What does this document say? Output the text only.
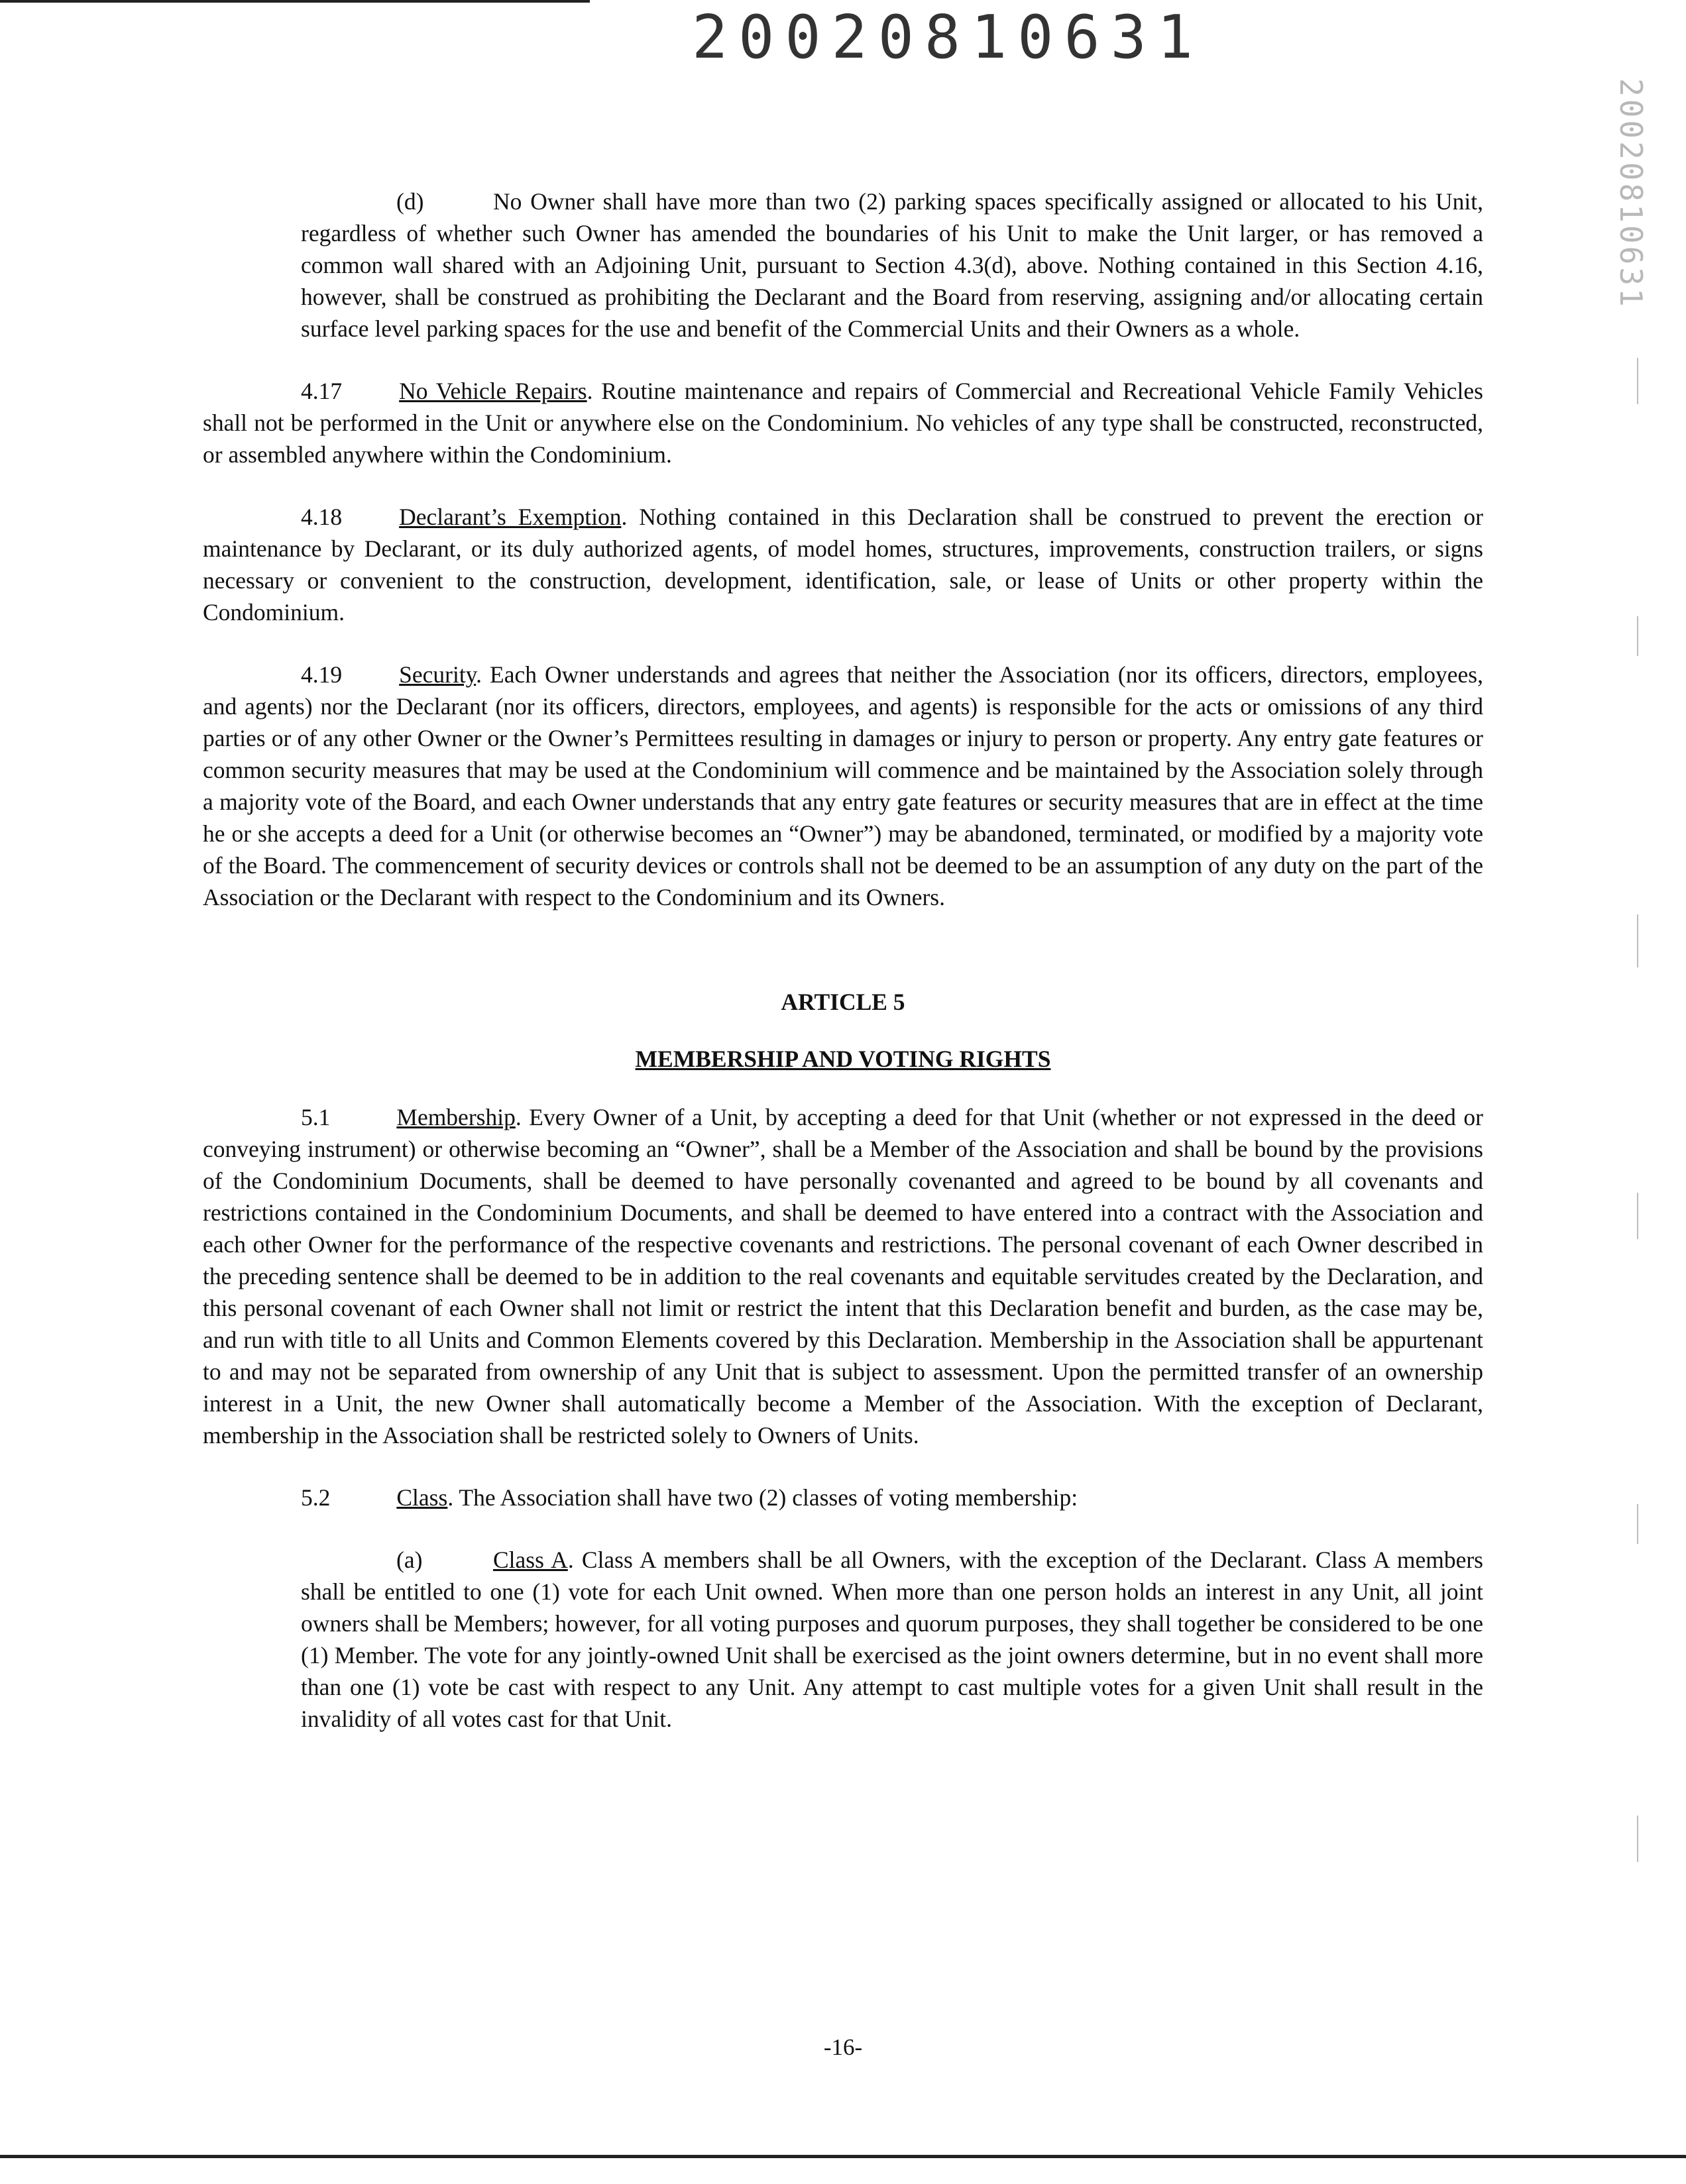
20020810631
20020810631

(d)	No Owner shall have more than two (2) parking spaces specifically assigned or allocated to his Unit, regardless of whether such Owner has amended the boundaries of his Unit to make the Unit larger, or has removed a common wall shared with an Adjoining Unit, pursuant to Section 4.3(d), above. Nothing contained in this Section 4.16, however, shall be construed as prohibiting the Declarant and the Board from reserving, assigning and/or allocating certain surface level parking spaces for the use and benefit of the Commercial Units and their Owners as a whole.

4.17 No Vehicle Repairs. Routine maintenance and repairs of Commercial and Recreational Vehicle Family Vehicles shall not be performed in the Unit or anywhere else on the Condominium. No vehicles of any type shall be constructed, reconstructed, or assembled anywhere within the Condominium.

4.18 Declarant’s Exemption. Nothing contained in this Declaration shall be construed to prevent the erection or maintenance by Declarant, or its duly authorized agents, of model homes, structures, improvements, construction trailers, or signs necessary or convenient to the construction, development, identification, sale, or lease of Units or other property within the Condominium.

4.19 Security. Each Owner understands and agrees that neither the Association (nor its officers, directors, employees, and agents) nor the Declarant (nor its officers, directors, employees, and agents) is responsible for the acts or omissions of any third parties or of any other Owner or the Owner’s Permittees resulting in damages or injury to person or property. Any entry gate features or common security measures that may be used at the Condominium will commence and be maintained by the Association solely through a majority vote of the Board, and each Owner understands that any entry gate features or security measures that are in effect at the time he or she accepts a deed for a Unit (or otherwise becomes an “Owner”) may be abandoned, terminated, or modified by a majority vote of the Board. The commencement of security devices or controls shall not be deemed to be an assumption of any duty on the part of the Association or the Declarant with respect to the Condominium and its Owners.

ARTICLE 5

MEMBERSHIP AND VOTING RIGHTS

5.1	Membership. Every Owner of a Unit, by accepting a deed for that Unit (whether or not expressed in the deed or conveying instrument) or otherwise becoming an “Owner”, shall be a Member of the Association and shall be bound by the provisions of the Condominium Documents, shall be deemed to have personally covenanted and agreed to be bound by all covenants and restrictions contained in the Condominium Documents, and shall be deemed to have entered into a contract with the Association and each other Owner for the performance of the respective covenants and restrictions. The personal covenant of each Owner described in the preceding sentence shall be deemed to be in addition to the real covenants and equitable servitudes created by the Declaration, and this personal covenant of each Owner shall not limit or restrict the intent that this Declaration benefit and burden, as the case may be, and run with title to all Units and Common Elements covered by this Declaration. Membership in the Association shall be appurtenant to and may not be separated from ownership of any Unit that is subject to assessment. Upon the permitted transfer of an ownership interest in a Unit, the new Owner shall automatically become a Member of the Association. With the exception of Declarant, membership in the Association shall be restricted solely to Owners of Units.

5.2	Class. The Association shall have two (2) classes of voting membership:

(a)	Class A. Class A members shall be all Owners, with the exception of the Declarant. Class A members shall be entitled to one (1) vote for each Unit owned. When more than one person holds an interest in any Unit, all joint owners shall be Members; however, for all voting purposes and quorum purposes, they shall together be considered to be one (1) Member. The vote for any jointly-owned Unit shall be exercised as the joint owners determine, but in no event shall more than one (1) vote be cast with respect to any Unit. Any attempt to cast multiple votes for a given Unit shall result in the invalidity of all votes cast for that Unit.

-16-
